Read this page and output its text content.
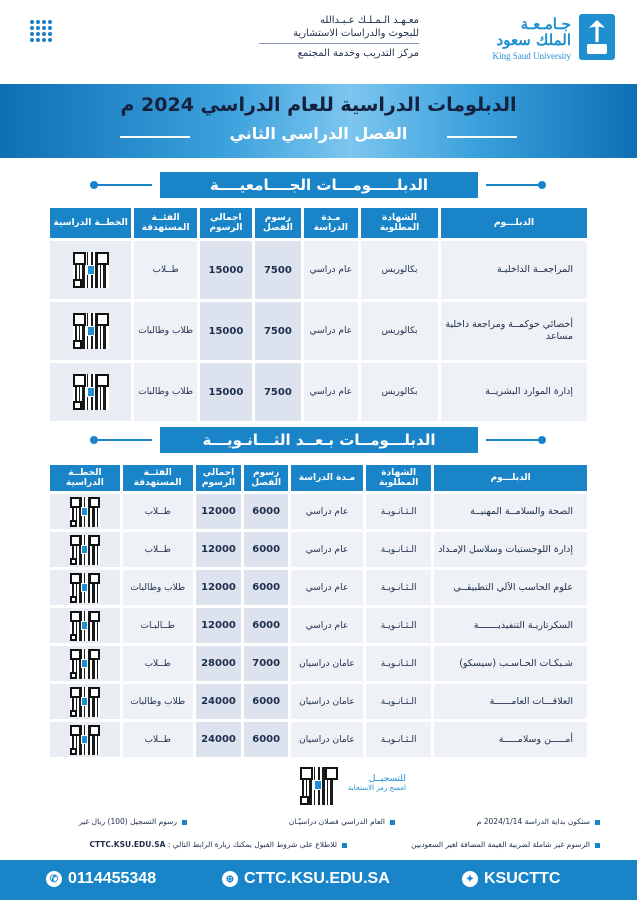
معـهـد الـمـلـك عـبـدالله
للبحوث والدراسات الاستشارية
مركز التدريب وخدمة المجتمع
جـامـعـة
الملك سعود
King Saud University
الدبلومات الدراسية للعام الدراسي 2024 م
الفصل الدراسي الثاني
الدبلـــــومـــات الجــــامعيــــة
الدبلـــوم	الشهادة المطلوبة	مـدة الدراسة	رسوم الفصل	اجمالي الرسوم	الفئــة المستهدفة	الخطــة الدراسية
المراجعــة الداخليـة	بكالوريس	عام دراسي	7500	15000	طــلاب	

أخصائي حوكمــة ومراجعة داخلية مساعد	بكالوريس	عام دراسي	7500	15000	طلاب وطالبات	

إدارة الموارد البشريــة	بكالوريس	عام دراسي	7500	15000	طلاب وطالبات	
الدبلـــومــات بـعــد الثـــانـويـــة
الدبلـــوم	الشهادة المطلوبة	مـدة الدراسة	رسوم الفصل	اجمالي الرسوم	الفئــة المستهدفة	الخطــة الدراسية
الصحة والسلامــة المهنيــة	الـثـانـويـة	عام دراسي	6000	12000	طــلاب	

إدارة اللوجستيات وسلاسل الإمـداد	الـثـانـويـة	عام دراسي	6000	12000	طــلاب	

علوم الحاسب الآلي التطبيقــي	الـثـانـويـة	عام دراسي	6000	12000	طلاب وطالبات	

السكرتاريـة التنفيذيـــــــة	الـثـانـويـة	عام دراسي	6000	12000	طــالبـات	

شـبكـات الحـاسـب (سيسكو)	الـثـانـويـة	عامان دراسيان	7000	28000	طــلاب	

العلاقـــات العامــــــة	الـثـانـويـة	عامان دراسيان	6000	24000	طلاب وطالبات	

أمـــــن وسلامـــــة	الـثـانـويـة	عامان دراسيان	6000	24000	طــلاب	
للتسجيــل
امسح رمز الاستجابة
ستكون بداية الدراسة 2024/1/14 م
العام الدراسي فصلان دراسيّـان
رسوم التسجيل (100) ريال غير
الرسوم غير شاملة لضريبة القيمة المضافة لغير السعوديين
للاطلاع على شروط القبول يمكنك زيارة الرابط التالي : CTTC.KSU.EDU.SA
✆ 0114455348	⊕ CTTC.KSU.EDU.SA	✦ KSUCTTC
